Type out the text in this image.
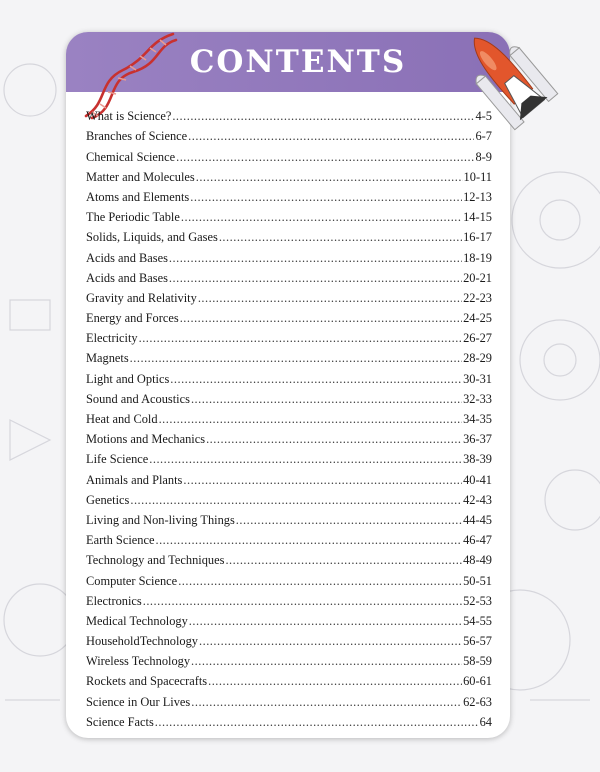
CONTENTS
What is Science? .....	4-5
Branches of Science .....	6-7
Chemical Science .....	8-9
Matter and Molecules .....	10-11
Atoms and Elements .....	12-13
The Periodic Table .....	14-15
Solids, Liquids, and Gases .....	16-17
Acids and Bases .....	18-19
Acids and Bases .....	20-21
Gravity and Relativity .....	22-23
Energy and Forces .....	24-25
Electricity .....	26-27
Magnets .....	28-29
Light and Optics .....	30-31
Sound and Acoustics .....	32-33
Heat and Cold .....	34-35
Motions and Mechanics .....	36-37
Life Science .....	38-39
Animals and Plants .....	40-41
Genetics .....	42-43
Living and Non-living Things .....	44-45
Earth Science .....	46-47
Technology and Techniques .....	48-49
Computer Science .....	50-51
Electronics .....	52-53
Medical Technology .....	54-55
HouseholdTechnology .....	56-57
Wireless Technology .....	58-59
Rockets and Spacecrafts .....	60-61
Science in Our Lives .....	62-63
Science Facts .....	64
